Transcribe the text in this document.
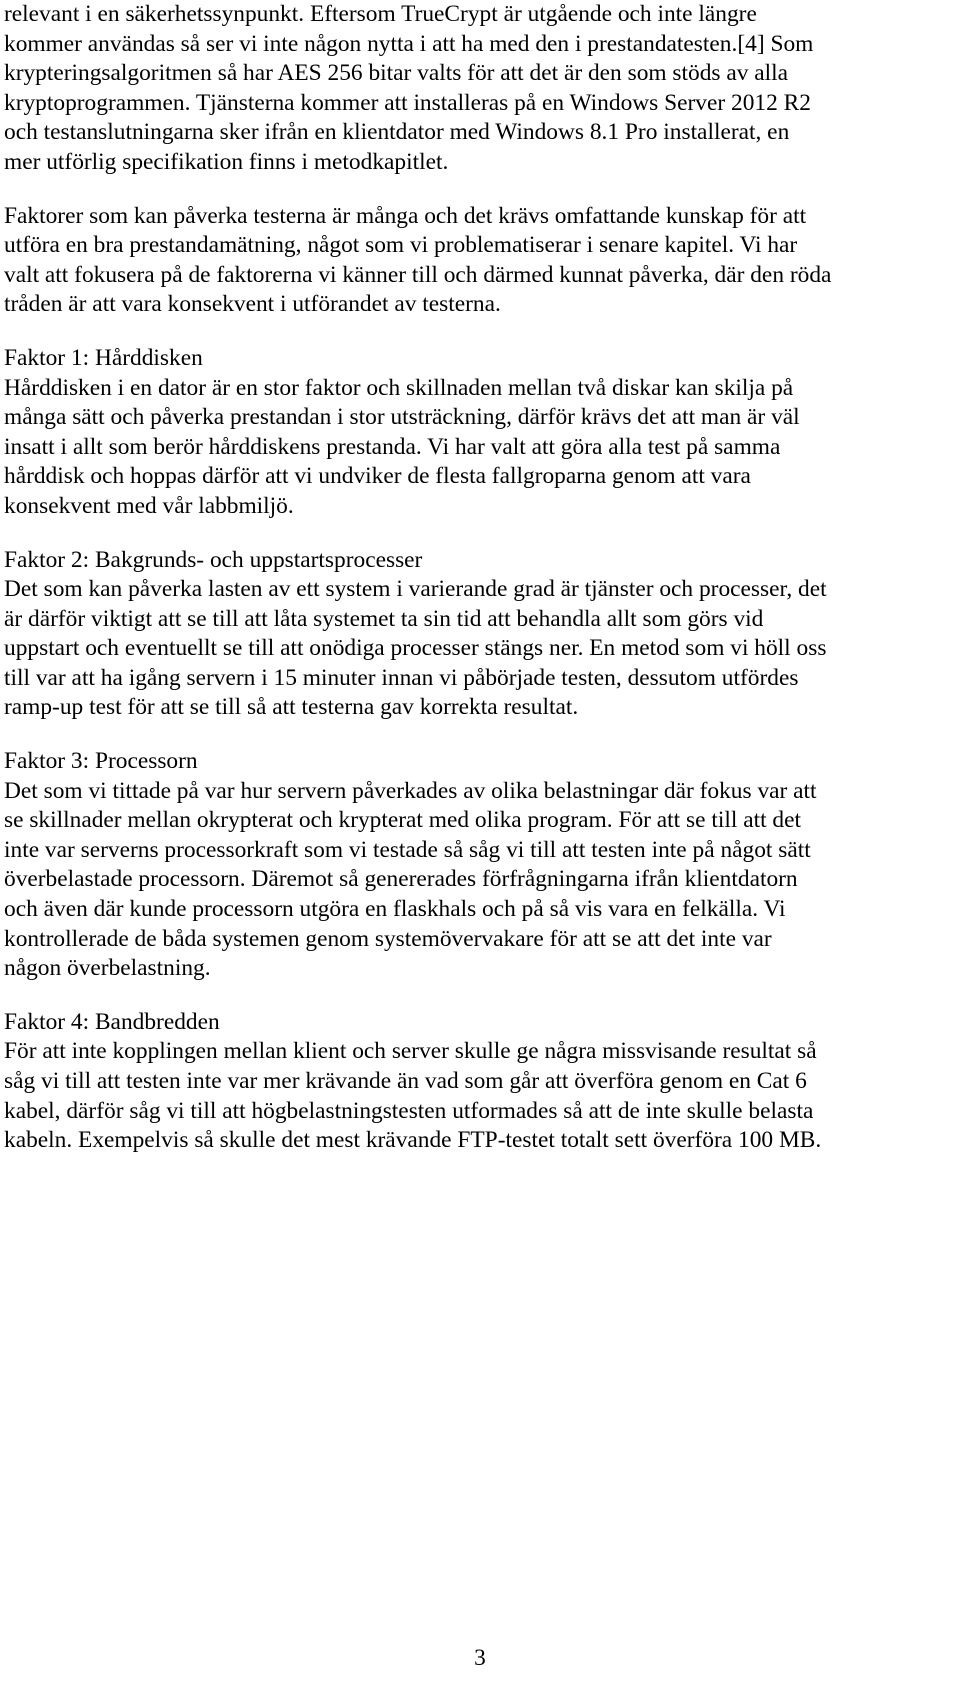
relevant i en säkerhetssynpunkt. Eftersom TrueCrypt är utgående och inte längre
kommer användas så ser vi inte någon nytta i att ha med den i prestandatesten.[4] Som
krypteringsalgoritmen så har AES 256 bitar valts för att det är den som stöds av alla
kryptoprogrammen. Tjänsterna kommer att installeras på en Windows Server 2012 R2
och testanslutningarna sker ifrån en klientdator med Windows 8.1 Pro installerat, en
mer utförlig specifikation finns i metodkapitlet.
Faktorer som kan påverka testerna är många och det krävs omfattande kunskap för att
utföra en bra prestandamätning, något som vi problematiserar i senare kapitel. Vi har
valt att fokusera på de faktorerna vi känner till och därmed kunnat påverka, där den röda
tråden är att vara konsekvent i utförandet av testerna.
Faktor 1: Hårddisken
Hårddisken i en dator är en stor faktor och skillnaden mellan två diskar kan skilja på
många sätt och påverka prestandan i stor utsträckning, därför krävs det att man är väl
insatt i allt som berör hårddiskens prestanda. Vi har valt att göra alla test på samma
hårddisk och hoppas därför att vi undviker de flesta fallgroparna genom att vara
konsekvent med vår labbmiljö.
Faktor 2: Bakgrunds- och uppstartsprocesser
Det som kan påverka lasten av ett system i varierande grad är tjänster och processer, det
är därför viktigt att se till att låta systemet ta sin tid att behandla allt som görs vid
uppstart och eventuellt se till att onödiga processer stängs ner. En metod som vi höll oss
till var att ha igång servern i 15 minuter innan vi påbörjade testen, dessutom utfördes
ramp-up test för att se till så att testerna gav korrekta resultat.
Faktor 3: Processorn
Det som vi tittade på var hur servern påverkades av olika belastningar där fokus var att
se skillnader mellan okrypterat och krypterat med olika program. För att se till att det
inte var serverns processorkraft som vi testade så såg vi till att testen inte på något sätt
överbelastade processorn. Däremot så genererades förfrågningarna ifrån klientdatorn
och även där kunde processorn utgöra en flaskhals och på så vis vara en felkälla. Vi
kontrollerade de båda systemen genom systemövervakare för att se att det inte var
någon överbelastning.
Faktor 4: Bandbredden
För att inte kopplingen mellan klient och server skulle ge några missvisande resultat så
såg vi till att testen inte var mer krävande än vad som går att överföra genom en Cat 6
kabel, därför såg vi till att högbelastningstesten utformades så att de inte skulle belasta
kabeln. Exempelvis så skulle det mest krävande FTP-testet totalt sett överföra 100 MB.
3
